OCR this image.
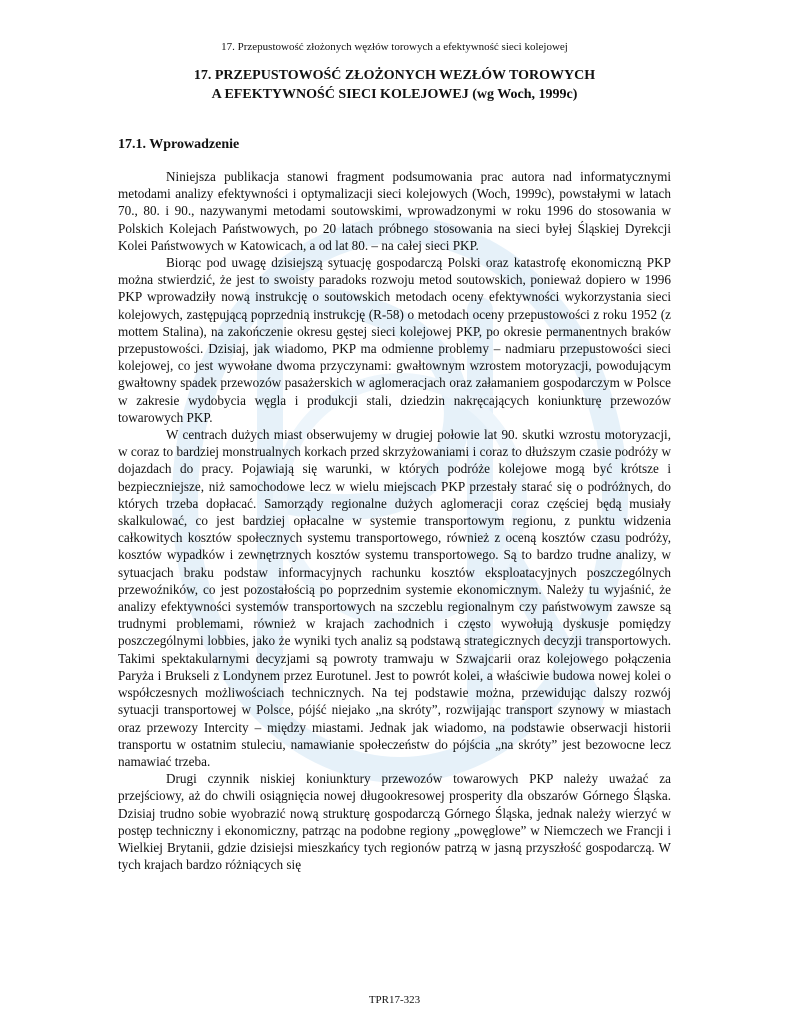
17. Przepustowość złożonych węzłów torowych a efektywność sieci kolejowej
17. PRZEPUSTOWOŚĆ ZŁOŻONYCH WEZŁÓW TOROWYCH
A EFEKTYWNOŚĆ SIECI KOLEJOWEJ (wg Woch, 1999c)
17.1. Wprowadzenie

Niniejsza publikacja stanowi fragment podsumowania prac autora nad informatycznymi metodami analizy efektywności i optymalizacji sieci kolejowych (Woch, 1999c), powstałymi w latach 70., 80. i 90., nazywanymi metodami soutowskimi, wprowadzonymi w roku 1996 do stosowania w Polskich Kolejach Państwowych, po 20 latach próbnego stosowania na sieci byłej Śląskiej Dyrekcji Kolei Państwowych w Katowicach, a od lat 80. – na całej sieci PKP.

Biorąc pod uwagę dzisiejszą sytuację gospodarczą Polski oraz katastrofę ekonomiczną PKP można stwierdzić, że jest to swoisty paradoks rozwoju metod soutowskich, ponieważ dopiero w 1996 PKP wprowadziły nową instrukcję o soutowskich metodach oceny efektywności wykorzystania sieci kolejowych, zastępującą poprzednią instrukcję (R-58) o metodach oceny przepustowości z roku 1952 (z mottem Stalina), na zakończenie okresu gęstej sieci kolejowej PKP, po okresie permanentnych braków przepustowości. Dzisiaj, jak wiadomo, PKP ma odmienne problemy – nadmiaru przepustowości sieci kolejowej, co jest wywołane dwoma przyczynami: gwałtownym wzrostem motoryzacji, powodującym gwałtowny spadek przewozów pasażerskich w aglomeracjach oraz załamaniem gospodarczym w Polsce w zakresie wydobycia węgla i produkcji stali, dziedzin nakręcających koniunkturę przewozów towarowych PKP.

W centrach dużych miast obserwujemy w drugiej połowie lat 90. skutki wzrostu motoryzacji, w coraz to bardziej monstrualnych korkach przed skrzyżowaniami i coraz to dłuższym czasie podróży w dojazdach do pracy. Pojawiają się warunki, w których podróże kolejowe mogą być krótsze i bezpieczniejsze, niż samochodowe lecz w wielu miejscach PKP przestały starać się o podróżnych, do których trzeba dopłacać. Samorządy regionalne dużych aglomeracji coraz częściej będą musiały skalkulować, co jest bardziej opłacalne w systemie transportowym regionu, z punktu widzenia całkowitych kosztów społecznych systemu transportowego, również z oceną kosztów czasu podróży, kosztów wypadków i zewnętrznych kosztów systemu transportowego. Są to bardzo trudne analizy, w sytuacjach braku podstaw informacyjnych rachunku kosztów eksploatacyjnych poszczególnych przewoźników, co jest pozostałością po poprzednim systemie ekonomicznym. Należy tu wyjaśnić, że analizy efektywności systemów transportowych na szczeblu regionalnym czy państwowym zawsze są trudnymi problemami, również w krajach zachodnich i często wywołują dyskusje pomiędzy poszczególnymi lobbies, jako że wyniki tych analiz są podstawą strategicznych decyzji transportowych. Takimi spektakularnymi decyzjami są powroty tramwaju w Szwajcarii oraz kolejowego połączenia Paryża i Brukseli z Londynem przez Eurotunel. Jest to powrót kolei, a właściwie budowa nowej kolei o współczesnych możliwościach technicznych. Na tej podstawie można, przewidując dalszy rozwój sytuacji transportowej w Polsce, pójść niejako „na skróty”, rozwijając transport szynowy w miastach oraz przewozy Intercity – między miastami. Jednak jak wiadomo, na podstawie obserwacji historii transportu w ostatnim stuleciu, namawianie społeczeństw do pójścia „na skróty” jest bezowocne lecz namawiać trzeba.

Drugi czynnik niskiej koniunktury przewozów towarowych PKP należy uważać za przejściowy, aż do chwili osiągnięcia nowej długookresowej prosperity dla obszarów Górnego Śląska. Dzisiaj trudno sobie wyobrazić nową strukturę gospodarczą Górnego Śląska, jednak należy wierzyć w postęp techniczny i ekonomiczny, patrząc na podobne regiony „powęglowe” w Niemczech we Francji i Wielkiej Brytanii, gdzie dzisiejsi mieszkańcy tych regionów patrzą w jasną przyszłość gospodarczą. W tych krajach bardzo różniących się

TPR17-323
